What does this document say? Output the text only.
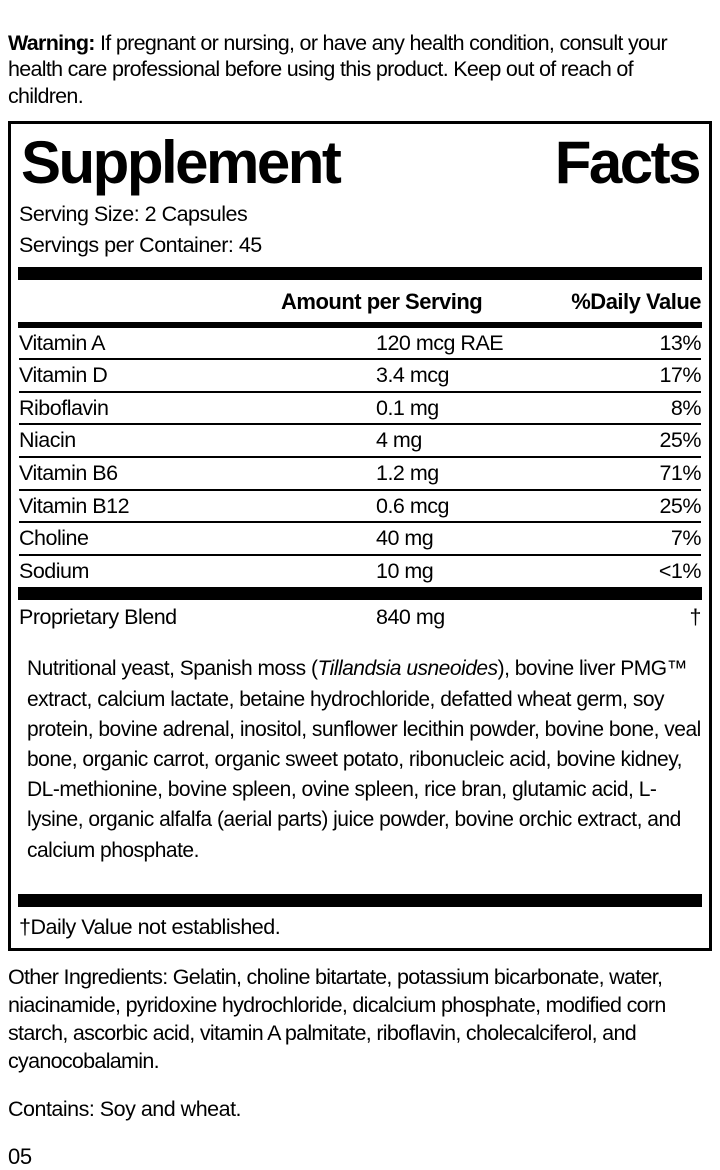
Warning: If pregnant or nursing, or have any health condition, consult your health care professional before using this product. Keep out of reach of children.

Supplement	Facts
Serving Size: 2 Capsules
Servings per Container: 45
Amount per Serving	%Daily Value
Vitamin A	120 mcg RAE	13%
Vitamin D	3.4 mcg	17%
Riboflavin	0.1 mg	8%
Niacin	4 mg	25%
Vitamin B6	1.2 mg	71%
Vitamin B12	0.6 mcg	25%
Choline	40 mg	7%
Sodium	10 mg	<1%
Proprietary Blend	840 mg	†

Nutritional yeast, Spanish moss (Tillandsia usneoides), bovine liver PMG™ extract, calcium lactate, betaine hydrochloride, defatted wheat germ, soy protein, bovine adrenal, inositol, sunflower lecithin powder, bovine bone, veal bone, organic carrot, organic sweet potato, ribonucleic acid, bovine kidney, DL-methionine, bovine spleen, ovine spleen, rice bran, glutamic acid, L-lysine, organic alfalfa (aerial parts) juice powder, bovine orchic extract, and calcium phosphate.

†Daily Value not established.

Other Ingredients: Gelatin, choline bitartate, potassium bicarbonate, water, niacinamide, pyridoxine hydrochloride, dicalcium phosphate, modified corn starch, ascorbic acid, vitamin A palmitate, riboflavin, cholecalciferol, and cyanocobalamin.

Contains: Soy and wheat.

05
